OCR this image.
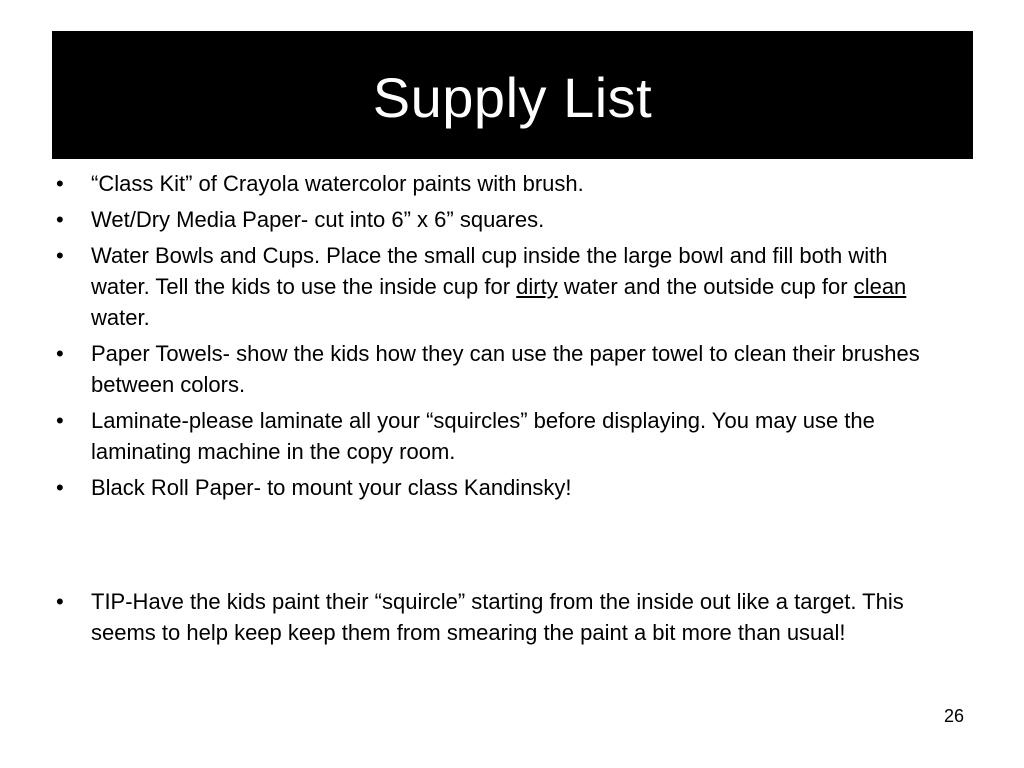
Supply List
• “Class Kit” of Crayola watercolor paints with brush.
• Wet/Dry Media Paper- cut into 6” x 6” squares.
• Water Bowls and Cups. Place the small cup inside the large bowl and fill both with water. Tell the kids to use the inside cup for dirty water and the outside cup for clean water.
• Paper Towels- show the kids how they can use the paper towel to clean their brushes between colors.
• Laminate-please laminate all your “squircles” before displaying. You may use the laminating machine in the copy room.
• Black Roll Paper- to mount your class Kandinsky!
• TIP-Have the kids paint their “squircle” starting from the inside out like a target. This seems to help keep keep them from smearing the paint a bit more than usual!
26
